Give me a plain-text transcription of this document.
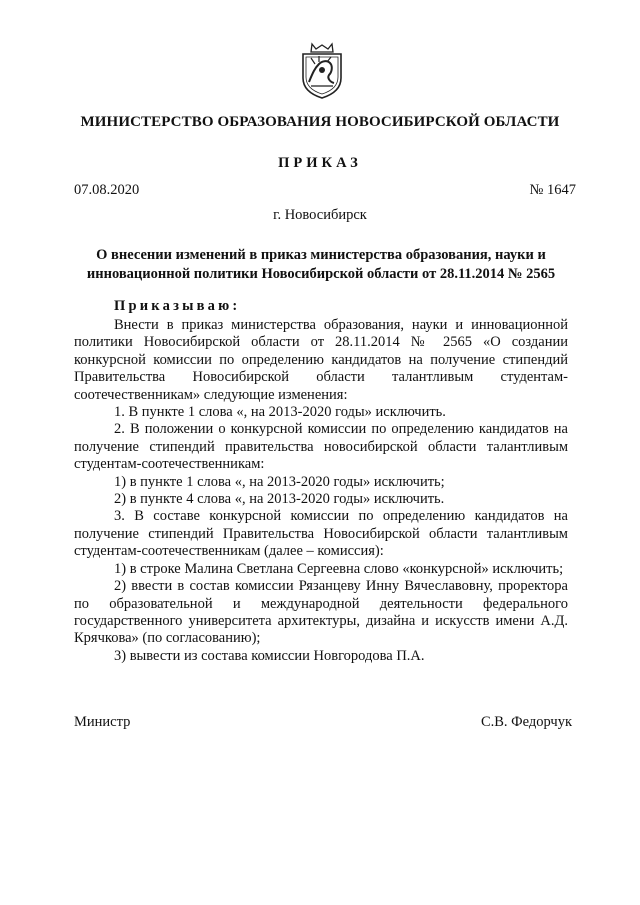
МИНИСТЕРСТВО ОБРАЗОВАНИЯ НОВОСИБИРСКОЙ ОБЛАСТИ
ПРИКАЗ
07.08.2020	№ 1647
г. Новосибирск
О внесении изменений в приказ министерства образования, науки и инновационной политики Новосибирской области от 28.11.2014 № 2565
Приказываю:

Внести в приказ министерства образования, науки и инновационной политики Новосибирской области от 28.11.2014 № 2565 «О создании конкурсной комиссии по определению кандидатов на получение стипендий Правительства Новосибирской области талантливым студентам-соотечественникам» следующие изменения:

1. В пункте 1 слова «, на 2013-2020 годы» исключить.

2. В положении о конкурсной комиссии по определению кандидатов на получение стипендий правительства новосибирской области талантливым студентам-соотечественникам:

1) в пункте 1 слова «, на 2013-2020 годы» исключить;

2) в пункте 4 слова «, на 2013-2020 годы» исключить.

3. В составе конкурсной комиссии по определению кандидатов на получение стипендий Правительства Новосибирской области талантливым студентам-соотечественникам (далее – комиссия):

1) в строке Малина Светлана Сергеевна слово «конкурсной» исключить;

2) ввести в состав комиссии Рязанцеву Инну Вячеславовну, проректора по образовательной и международной деятельности федерального государственного университета архитектуры, дизайна и искусств имени А.Д. Крячкова» (по согласованию);

3) вывести из состава комиссии Новгородова П.А.

Министр	С.В. Федорчук
